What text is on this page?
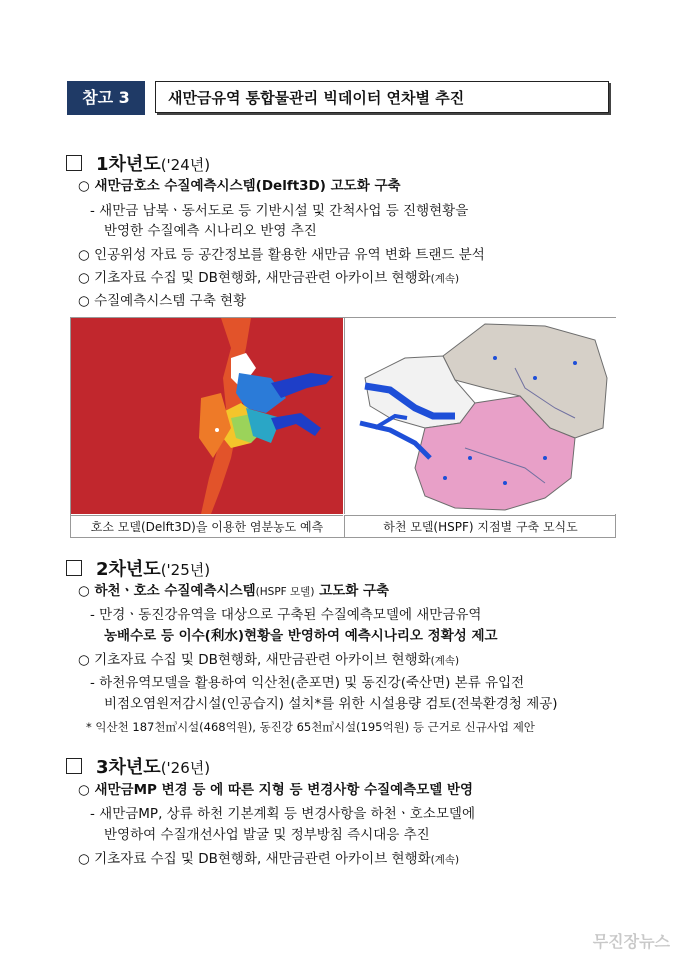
참고 3	새만금유역 통합물관리 빅데이터 연차별 추진
1차년도('24년)
○ 새만금호소 수질예측시스템(Delft3D) 고도화 구축
- 새만금 남북ㆍ동서도로 등 기반시설 및 간척사업 등 진행현황을
반영한 수질예측 시나리오 반영 추진
○ 인공위성 자료 등 공간정보를 활용한 새만금 유역 변화 트랜드 분석
○ 기초자료 수집 및 DB현행화, 새만금관련 아카이브 현행화(계속)
○ 수질예측시스템 구축 현황
호소 모델(Delft3D)을 이용한 염분농도 예측	하천 모델(HSPF) 지점별 구축 모식도
2차년도('25년)
○ 하천ㆍ호소 수질예측시스템(HSPF 모델) 고도화 구축
- 만경ㆍ동진강유역을 대상으로 구축된 수질예측모델에 새만금유역
농배수로 등 이수(利水)현황을 반영하여 예측시나리오 정확성 제고
○ 기초자료 수집 및 DB현행화, 새만금관련 아카이브 현행화(계속)
- 하천유역모델을 활용하여 익산천(춘포면) 및 동진강(죽산면) 본류 유입전
비점오염원저감시설(인공습지) 설치*를 위한 시설용량 검토(전북환경청 제공)
* 익산천 187천㎥시설(468억원), 동진강 65천㎥시설(195억원) 등 근거로 신규사업 제안
3차년도('26년)
○ 새만금MP 변경 등 에 따른 지형 등 변경사항 수질예측모델 반영
- 새만금MP, 상류 하천 기본계획 등 변경사항을 하천ㆍ호소모델에
반영하여 수질개선사업 발굴 및 정부방침 즉시대응 추진
○ 기초자료 수집 및 DB현행화, 새만금관련 아카이브 현행화(계속)
무진장뉴스
